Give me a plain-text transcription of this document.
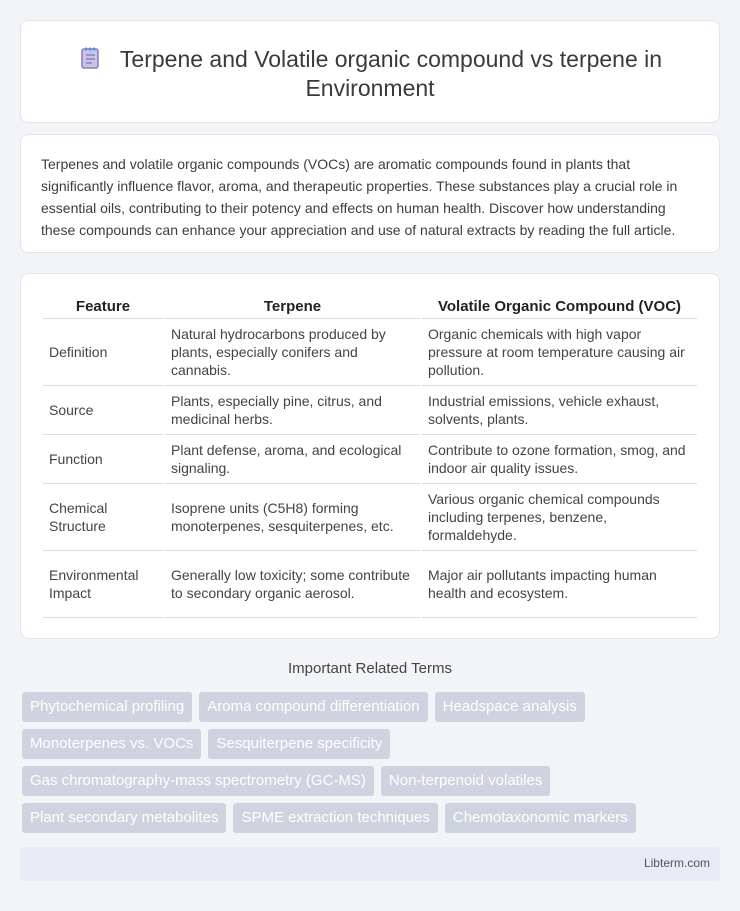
Terpene and Volatile organic compound vs terpene in Environment

Terpenes and volatile organic compounds (VOCs) are aromatic compounds found in plants that significantly influence flavor, aroma, and therapeutic properties. These substances play a crucial role in essential oils, contributing to their potency and effects on human health. Discover how understanding these compounds can enhance your appreciation and use of natural extracts by reading the full article.

Feature	Terpene	Volatile Organic Compound (VOC)
Definition	Natural hydrocarbons produced by plants, especially conifers and cannabis.	Organic chemicals with high vapor pressure at room temperature causing air pollution.
Source	Plants, especially pine, citrus, and medicinal herbs.	Industrial emissions, vehicle exhaust, solvents, plants.
Function	Plant defense, aroma, and ecological signaling.	Contribute to ozone formation, smog, and indoor air quality issues.
Chemical Structure	Isoprene units (C5H8) forming monoterpenes, sesquiterpenes, etc.	Various organic chemical compounds including terpenes, benzene, formaldehyde.
Environmental Impact	Generally low toxicity; some contribute to secondary organic aerosol.	Major air pollutants impacting human health and ecosystem.
Important Related Terms
Phytochemical profiling	Aroma compound differentiation	Headspace analysis
Monoterpenes vs. VOCs	Sesquiterpene specificity
Gas chromatography-mass spectrometry (GC-MS)	Non-terpenoid volatiles
Plant secondary metabolites	SPME extraction techniques	Chemotaxonomic markers
Libterm.com
